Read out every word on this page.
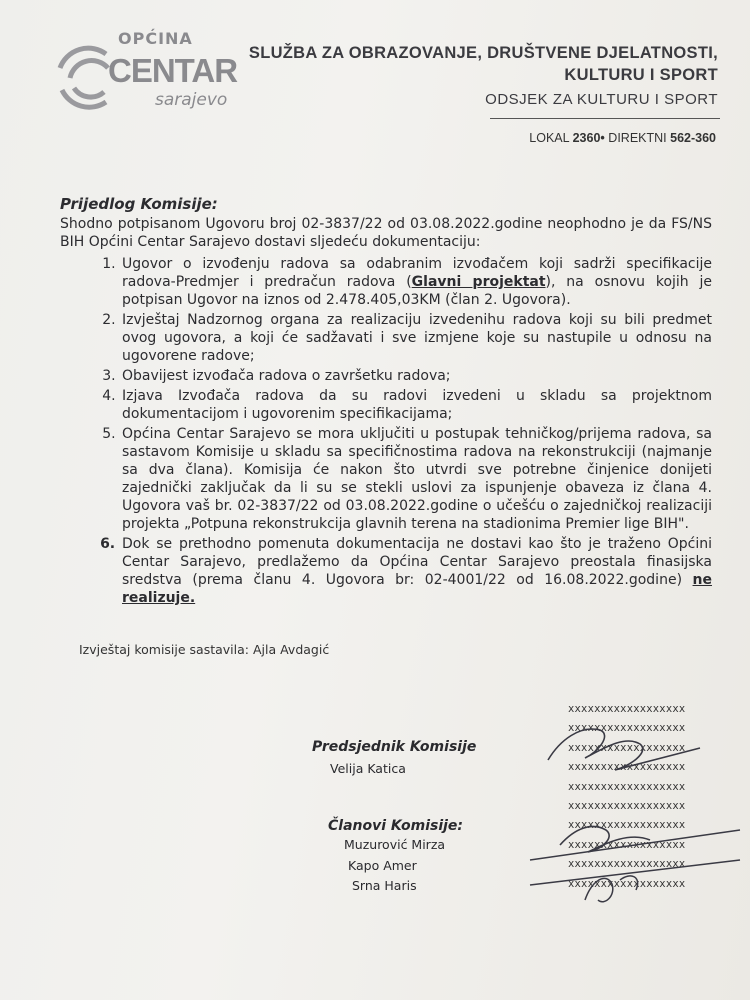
OPĆINA
CENTAR
sarajevo
SLUŽBA ZA OBRAZOVANJE, DRUŠTVENE DJELATNOSTI,
KULTURU I SPORT
ODSJEK ZA KULTURU I SPORT
LOKAL 2360• DIREKTNI 562-360
Prijedlog Komisije:

Shodno potpisanom Ugovoru broj 02-3837/22 od 03.08.2022.godine neophodno je da FS/NS BIH Općini Centar Sarajevo dostavi sljedeću dokumentaciju:

1. Ugovor o izvođenju radova sa odabranim izvođačem koji sadrži specifikacije radova-Predmjer i predračun radova (Glavni projektat), na osnovu kojih je potpisan Ugovor na iznos od 2.478.405,03KM (član 2. Ugovora).
2. Izvještaj Nadzornog organa za realizaciju izvedenihu radova koji su bili predmet ovog ugovora, a koji će sadžavati i sve izmjene koje su nastupile u odnosu na ugovorene radove;
3. Obavijest izvođača radova o završetku radova;
4. Izjava Izvođača radova da su radovi izvedeni u skladu sa projektnom dokumentacijom i ugovorenim specifikacijama;
5. Općina Centar Sarajevo se mora uključiti u postupak tehničkog/prijema radova, sa sastavom Komisije u skladu sa specifičnostima radova na rekonstrukciji (najmanje sa dva člana). Komisija će nakon što utvrdi sve potrebne činjenice donijeti zajednički zaključak da li su se stekli uslovi za ispunjenje obaveza iz člana 4. Ugovora vaš br. 02-3837/22 od 03.08.2022.godine o učešću o zajedničkoj realizaciji projekta „Potpuna rekonstrukcija glavnih terena na stadionima Premier lige BIH".
6. Dok se prethodno pomenuta dokumentacija ne dostavi kao što je traženo Općini Centar Sarajevo, predlažemo da Općina Centar Sarajevo preostala finasijska sredstva (prema članu 4. Ugovora br: 02-4001/22 od 16.08.2022.godine) ne realizuje.
Izvještaj komisije sastavila: Ajla Avdagić
Predsjednik Komisije
Velija Katica
Članovi Komisije:
Muzurović Mirza
Kapo Amer
Srna Haris
xxxxxxxxxxxxxxxxxx
xxxxxxxxxxxxxxxxxx
xxxxxxxxxxxxxxxxxx
xxxxxxxxxxxxxxxxxx
xxxxxxxxxxxxxxxxxx
xxxxxxxxxxxxxxxxxx
xxxxxxxxxxxxxxxxxx
xxxxxxxxxxxxxxxxxx
xxxxxxxxxxxxxxxxxx
xxxxxxxxxxxxxxxxxx
